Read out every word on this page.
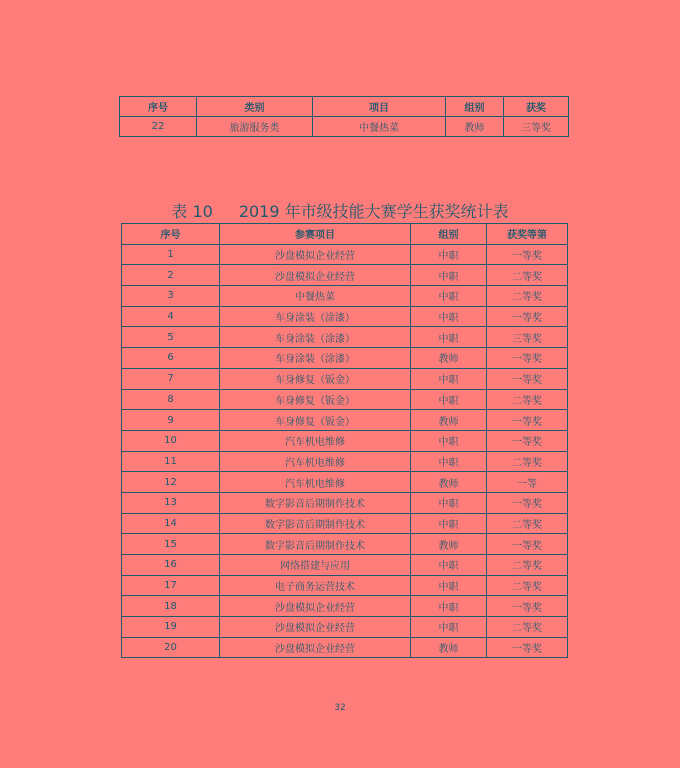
序号	类别	项目	组别	获奖
22	旅游服务类	中餐热菜	教师	三等奖
表 10 2019 年市级技能大赛学生获奖统计表
序号	参赛项目	组别	获奖等第
1	沙盘模拟企业经营	中职	一等奖
2	沙盘模拟企业经营	中职	二等奖
3	中餐热菜	中职	二等奖
4	车身涂装（涂漆）	中职	一等奖
5	车身涂装（涂漆）	中职	三等奖
6	车身涂装（涂漆）	教师	一等奖
7	车身修复（钣金）	中职	一等奖
8	车身修复（钣金）	中职	二等奖
9	车身修复（钣金）	教师	一等奖
10	汽车机电维修	中职	一等奖
11	汽车机电维修	中职	二等奖
12	汽车机电维修	教师	一等
13	数字影音后期制作技术	中职	一等奖
14	数字影音后期制作技术	中职	二等奖
15	数字影音后期制作技术	教师	一等奖
16	网络搭建与应用	中职	二等奖
17	电子商务运营技术	中职	二等奖
18	沙盘模拟企业经营	中职	一等奖
19	沙盘模拟企业经营	中职	二等奖
20	沙盘模拟企业经营	教师	一等奖
32
